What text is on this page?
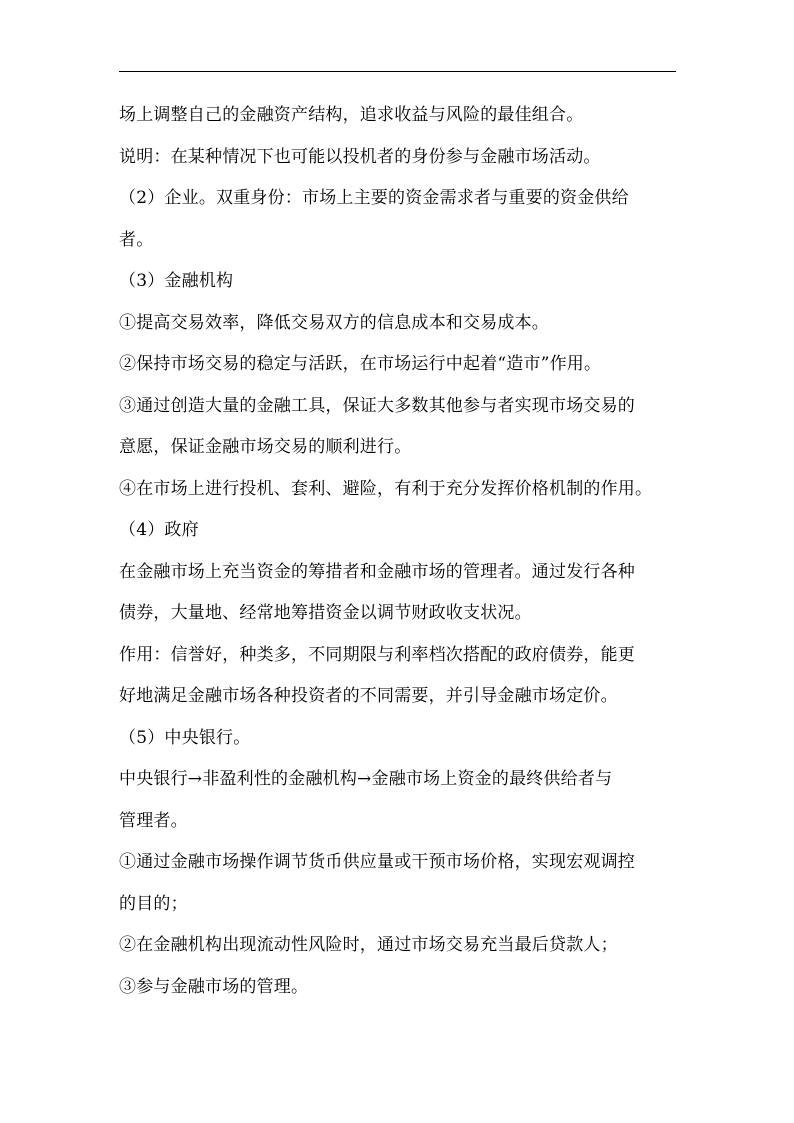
场上调整自己的金融资产结构，追求收益与风险的最佳组合。
说明：在某种情况下也可能以投机者的身份参与金融市场活动。
（2）企业。双重身份：市场上主要的资金需求者与重要的资金供给
者。
（3）金融机构
①提高交易效率，降低交易双方的信息成本和交易成本。
②保持市场交易的稳定与活跃，在市场运行中起着“造市”作用。
③通过创造大量的金融工具，保证大多数其他参与者实现市场交易的
意愿，保证金融市场交易的顺利进行。
④在市场上进行投机、套利、避险，有利于充分发挥价格机制的作用。
（4）政府
在金融市场上充当资金的筹措者和金融市场的管理者。通过发行各种
债券，大量地、经常地筹措资金以调节财政收支状况。
作用：信誉好，种类多，不同期限与利率档次搭配的政府债券，能更
好地满足金融市场各种投资者的不同需要，并引导金融市场定价。
（5）中央银行。
中央银行→非盈利性的金融机构→金融市场上资金的最终供给者与
管理者。
①通过金融市场操作调节货币供应量或干预市场价格，实现宏观调控
的目的；
②在金融机构出现流动性风险时，通过市场交易充当最后贷款人；
③参与金融市场的管理。
